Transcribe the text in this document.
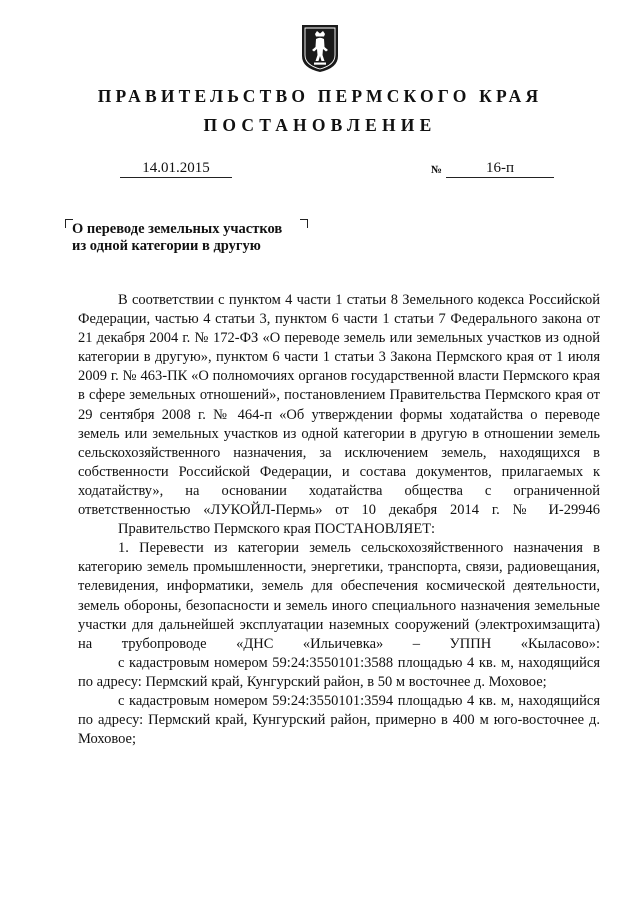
ПРАВИТЕЛЬСТВО ПЕРМСКОГО КРАЯ
ПОСТАНОВЛЕНИЕ
14.01.2015	№	16-п
О переводе земельных участков
из одной категории в другую

В соответствии с пунктом 4 части 1 статьи 8 Земельного кодекса Российской Федерации, частью 4 статьи 3, пунктом 6 части 1 статьи 7 Федерального закона от 21 декабря 2004 г. № 172-ФЗ «О переводе земель или земельных участков из одной категории в другую», пунктом 6 части 1 статьи 3 Закона Пермского края от 1 июля 2009 г. № 463-ПК «О полномочиях органов государственной власти Пермского края в сфере земельных отношений», постановлением Правительства Пермского края от 29 сентября 2008 г. № 464-п «Об утверждении формы ходатайства о переводе земель или земельных участков из одной категории в другую в отношении земель сельскохозяйственного назначения, за исключением земель, находящихся в собственности Российской Федерации, и состава документов, прилагаемых к ходатайству», на основании ходатайства общества с ограниченной ответственностью «ЛУКОЙЛ-Пермь» от 10 декабря 2014 г. № И-29946

Правительство Пермского края ПОСТАНОВЛЯЕТ:

1. Перевести из категории земель сельскохозяйственного назначения в категорию земель промышленности, энергетики, транспорта, связи, радиовещания, телевидения, информатики, земель для обеспечения космической деятельности, земель обороны, безопасности и земель иного специального назначения земельные участки для дальнейшей эксплуатации наземных сооружений (электрохимзащита) на трубопроводе «ДНС «Ильичевка» – УППН «Кыласово»:

с кадастровым номером 59:24:3550101:3588 площадью 4 кв. м, находящийся по адресу: Пермский край, Кунгурский район, в 50 м восточнее д. Моховое;

с кадастровым номером 59:24:3550101:3594 площадью 4 кв. м, находящийся по адресу: Пермский край, Кунгурский район, примерно в 400 м юго-восточнее д. Моховое;
